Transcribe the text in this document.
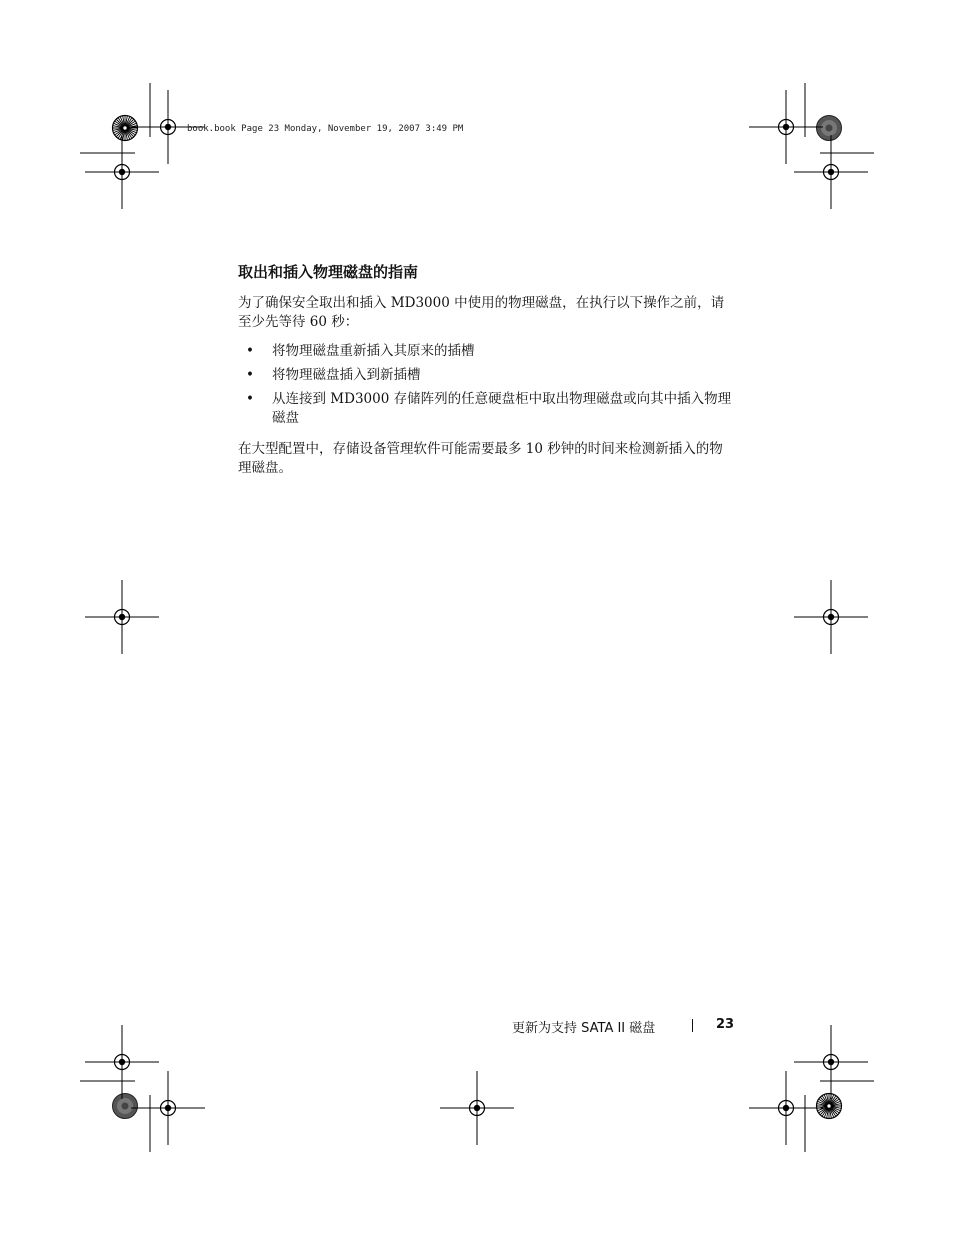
book.book Page 23 Monday, November 19, 2007 3:49 PM
取出和插入物理磁盘的指南

为了确保安全取出和插入 MD3000 中使用的物理磁盘，在执行以下操作之前，请至少先等待 60 秒：

• 将物理磁盘重新插入其原来的插槽
• 将物理磁盘插入到新插槽
• 从连接到 MD3000 存储阵列的任意硬盘柜中取出物理磁盘或向其中插入物理磁盘

在大型配置中，存储设备管理软件可能需要最多 10 秒钟的时间来检测新插入的物理磁盘。

更新为支持 SATA II 磁盘	23
